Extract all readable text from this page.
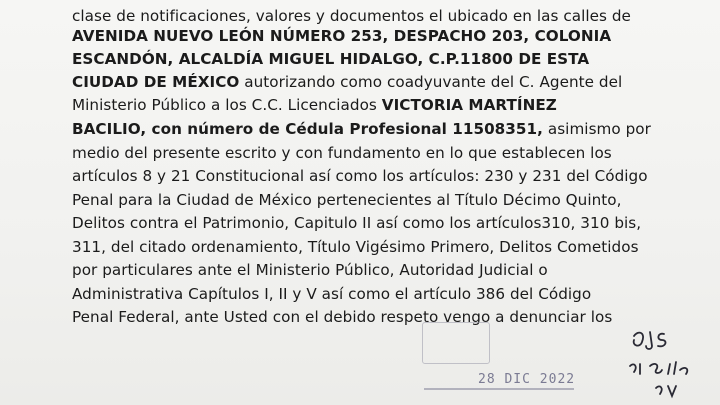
clase de notificaciones, valores y documentos el ubicado en las calles de
AVENIDA NUEVO LEÓN NÚMERO 253, DESPACHO 203, COLONIA
ESCANDÓN, ALCALDÍA MIGUEL HIDALGO, C.P.11800 DE ESTA
CIUDAD DE MÉXICO autorizando como coadyuvante del C. Agente del
Ministerio Público a los C.C. Licenciados VICTORIA MARTÍNEZ
BACILIO, con número de Cédula Profesional 11508351, asimismo por
medio del presente escrito y con fundamento en lo que establecen los
artículos 8 y 21 Constitucional así como los artículos: 230 y 231 del Código
Penal para la Ciudad de México pertenecientes al Título Décimo Quinto,
Delitos contra el Patrimonio, Capitulo II así como los artículos310, 310 bis,
311, del citado ordenamiento, Título Vigésimo Primero, Delitos Cometidos
por particulares ante el Ministerio Público, Autoridad Judicial o
Administrativa Capítulos I, II y V así como el artículo 386 del Código
Penal Federal, ante Usted con el debido respeto vengo a denunciar los
28 DIC 2022
